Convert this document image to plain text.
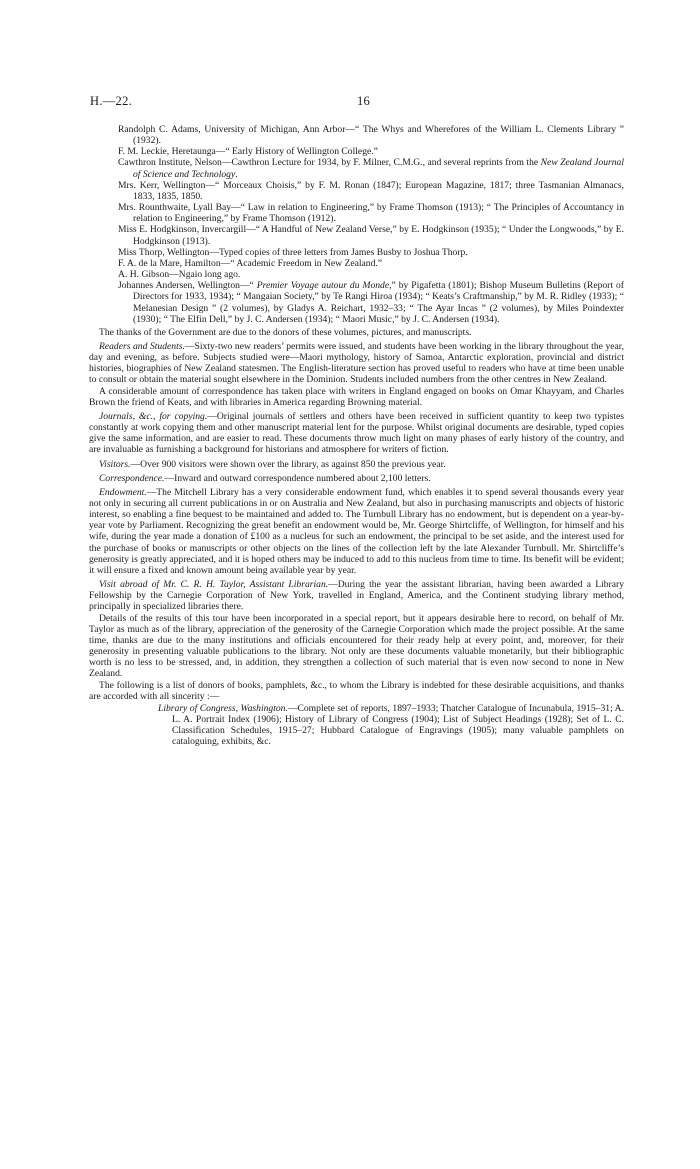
H.—22.	16

Randolph C. Adams, University of Michigan, Ann Arbor—“ The Whys and Wherefores of the William L. Clements Library ” (1932).

F. M. Leckie, Heretaunga—“ Early History of Wellington College.”

Cawthron Institute, Nelson—Cawthron Lecture for 1934, by F. Milner, C.M.G., and several reprints from the New Zealand Journal of Science and Technology.

Mrs. Kerr, Wellington—“ Morceaux Choisis,” by F. M. Ronan (1847); European Magazine, 1817; three Tasmanian Almanacs, 1833, 1835, 1850.

Mrs. Rounthwaite, Lyall Bay—“ Law in relation to Engineering,” by Frame Thomson (1913); “ The Principles of Accountancy in relation to Engineering,” by Frame Thomson (1912).

Miss E. Hodgkinson, Invercargill—“ A Handful of New Zealand Verse,” by E. Hodgkinson (1935); “ Under the Longwoods,” by E. Hodgkinson (1913).

Miss Thorp, Wellington—Typed copies of three letters from James Busby to Joshua Thorp.

F. A. de la Mare, Hamilton—“ Academic Freedom in New Zealand.”

A. H. Gibson—Ngaio long ago.

Johannes Andersen, Wellington—“ Premier Voyage autour du Monde,” by Pigafetta (1801); Bishop Museum Bulletins (Report of Directors for 1933, 1934); “ Mangaian Society,” by Te Rangi Hiroa (1934); “ Keats’s Craftmanship,” by M. R. Ridley (1933); “ Melanesian Design ” (2 volumes), by Gladys A. Reichart, 1932–33; “ The Ayar Incas ” (2 volumes), by Miles Poindexter (1930); “ The Elfin Dell,” by J. C. Andersen (1934); “ Maori Music,” by J. C. Andersen (1934).

The thanks of the Government are due to the donors of these volumes, pictures, and manuscripts.

Readers and Students.—Sixty-two new readers’ permits were issued, and students have been working in the library throughout the year, day and evening, as before. Subjects studied were—Maori mythology, history of Samoa, Antarctic exploration, provincial and district histories, biographies of New Zealand statesmen. The English-literature section has proved useful to readers who have at time been unable to consult or obtain the material sought elsewhere in the Dominion. Students included numbers from the other centres in New Zealand.

A considerable amount of correspondence has taken place with writers in England engaged on books on Omar Khayyam, and Charles Brown the friend of Keats, and with libraries in America regarding Browning material.

Journals, &c., for copying.—Original journals of settlers and others have been received in sufficient quantity to keep two typistes constantly at work copying them and other manuscript material lent for the purpose. Whilst original documents are desirable, typed copies give the same information, and are easier to read. These documents throw much light on many phases of early history of the country, and are invaluable as furnishing a background for historians and atmosphere for writers of fiction.

Visitors.—Over 900 visitors were shown over the library, as against 850 the previous year.

Correspondence.—Inward and outward correspondence numbered about 2,100 letters.

Endowment.—The Mitchell Library has a very considerable endowment fund, which enables it to spend several thousands every year not only in securing all current publications in or on Australia and New Zealand, but also in purchasing manuscripts and objects of historic interest, so enabling a fine bequest to be maintained and added to. The Turnbull Library has no endowment, but is dependent on a year-by-year vote by Parliament. Recognizing the great benefit an endowment would be, Mr. George Shirtcliffe, of Wellington, for himself and his wife, during the year made a donation of £100 as a nucleus for such an endowment, the principal to be set aside, and the interest used for the purchase of books or manuscripts or other objects on the lines of the collection left by the late Alexander Turnbull. Mr. Shirtcliffe’s generosity is greatly appreciated, and it is hoped others may be induced to add to this nucleus from time to time. Its benefit will be evident; it will ensure a fixed and known amount being available year by year.

Visit abroad of Mr. C. R. H. Taylor, Assistant Librarian.—During the year the assistant librarian, having been awarded a Library Fellowship by the Carnegie Corporation of New York, travelled in England, America, and the Continent studying library method, principally in specialized libraries there.

Details of the results of this tour have been incorporated in a special report, but it appears desirable here to record, on behalf of Mr. Taylor as much as of the library, appreciation of the generosity of the Carnegie Corporation which made the project possible. At the same time, thanks are due to the many institutions and officials encountered for their ready help at every point, and, moreover, for their generosity in presenting valuable publications to the library. Not only are these documents valuable monetarily, but their bibliographic worth is no less to be stressed, and, in addition, they strengthen a collection of such material that is even now second to none in New Zealand.

The following is a list of donors of books, pamphlets, &c., to whom the Library is indebted for these desirable acquisitions, and thanks are accorded with all sincerity :—

Library of Congress, Washington.—Complete set of reports, 1897–1933; Thatcher Catalogue of Incunabula, 1915–31; A. L. A. Portrait Index (1906); History of Library of Congress (1904); List of Subject Headings (1928); Set of L. C. Classification Schedules, 1915–27; Hubbard Catalogue of Engravings (1905); many valuable pamphlets on cataloguing, exhibits, &c.
